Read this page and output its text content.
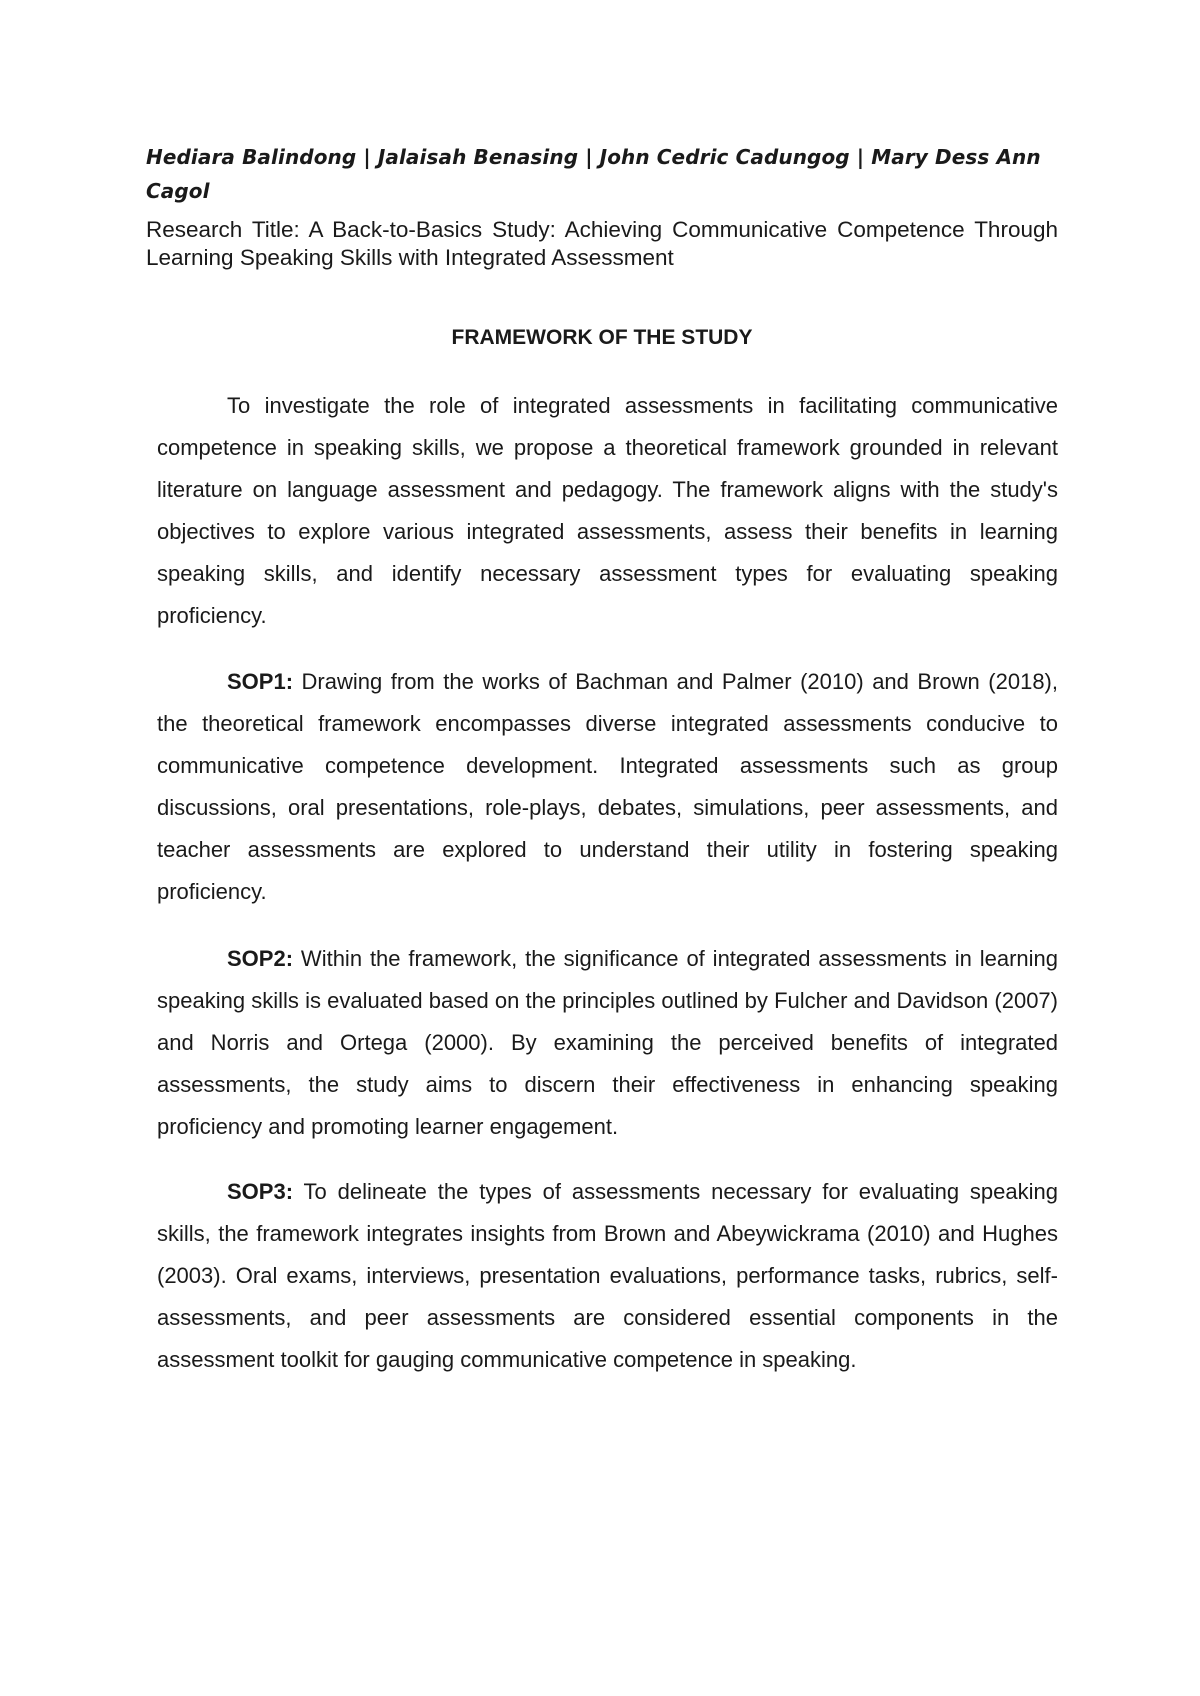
Hediara Balindong | Jalaisah Benasing | John Cedric Cadungog | Mary Dess Ann Cagol
Research Title: A Back-to-Basics Study: Achieving Communicative Competence Through Learning Speaking Skills with Integrated Assessment
FRAMEWORK OF THE STUDY

To investigate the role of integrated assessments in facilitating communicative competence in speaking skills, we propose a theoretical framework grounded in relevant literature on language assessment and pedagogy. The framework aligns with the study's objectives to explore various integrated assessments, assess their benefits in learning speaking skills, and identify necessary assessment types for evaluating speaking proficiency.

SOP1: Drawing from the works of Bachman and Palmer (2010) and Brown (2018), the theoretical framework encompasses diverse integrated assessments conducive to communicative competence development. Integrated assessments such as group discussions, oral presentations, role-plays, debates, simulations, peer assessments, and teacher assessments are explored to understand their utility in fostering speaking proficiency.

SOP2: Within the framework, the significance of integrated assessments in learning speaking skills is evaluated based on the principles outlined by Fulcher and Davidson (2007) and Norris and Ortega (2000). By examining the perceived benefits of integrated assessments, the study aims to discern their effectiveness in enhancing speaking proficiency and promoting learner engagement.

SOP3: To delineate the types of assessments necessary for evaluating speaking skills, the framework integrates insights from Brown and Abeywickrama (2010) and Hughes (2003). Oral exams, interviews, presentation evaluations, performance tasks, rubrics, self-assessments, and peer assessments are considered essential components in the assessment toolkit for gauging communicative competence in speaking.
